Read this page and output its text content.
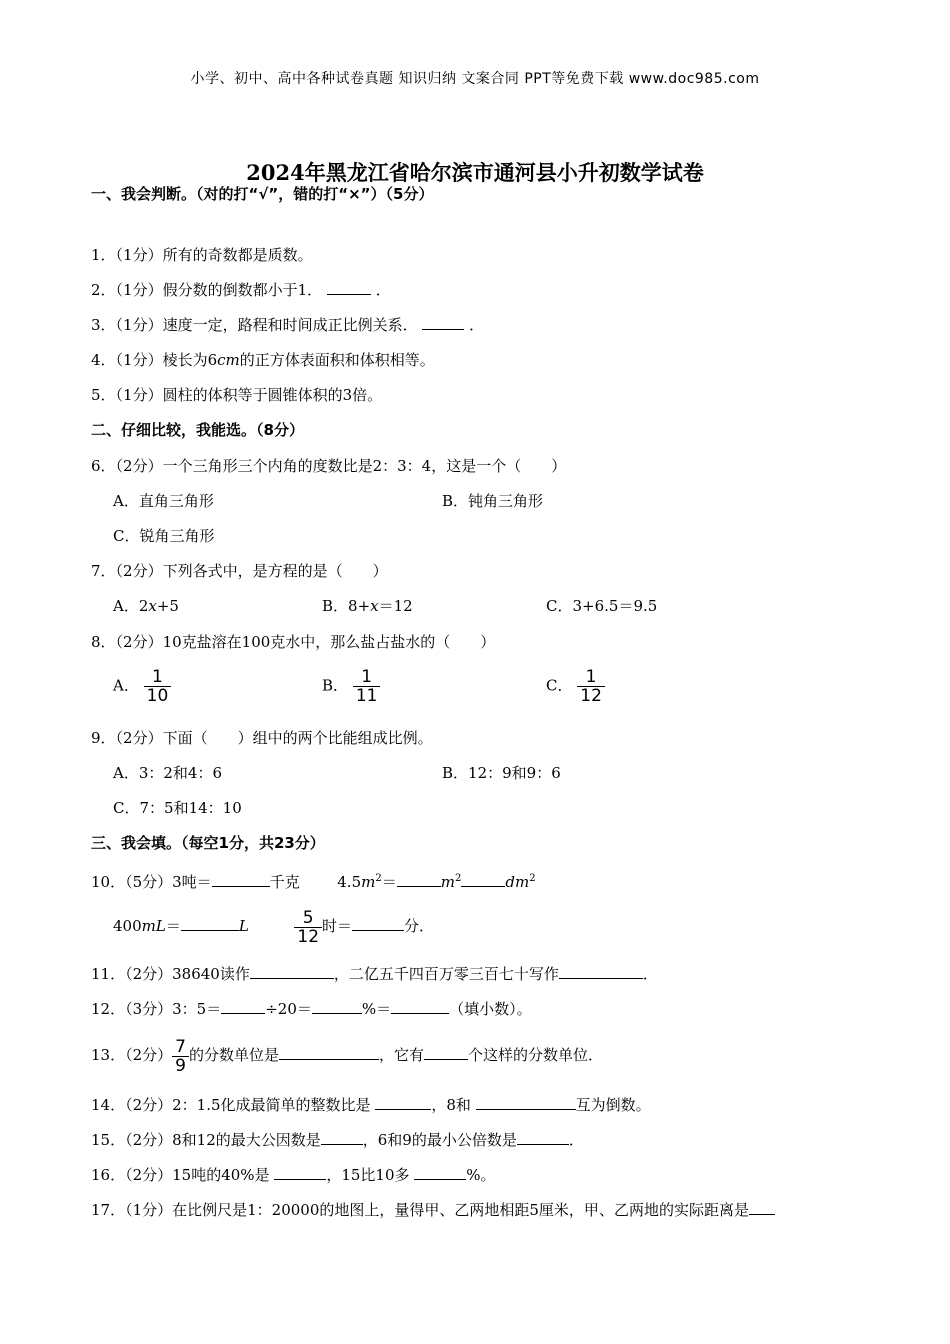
小学、初中、高中各种试卷真题 知识归纳 文案合同 PPT等免费下载 www.doc985.com
2024年黑龙江省哈尔滨市通河县小升初数学试卷
一、我会判断。（对的打“√”，错的打“×”）（5分）
1．（1分）所有的奇数都是质数。
2．（1分）假分数的倒数都小于1．	．
3．（1分）速度一定，路程和时间成正比例关系．	．
4．（1分）棱长为6cm的正方体表面积和体积相等。
5．（1分）圆柱的体积等于圆锥体积的3倍。
二、仔细比较，我能选。（8分）
6．（2分）一个三角形三个内角的度数比是2：3：4，这是一个（　　）
A．直角三角形	B．钝角三角形
C．锐角三角形
7．（2分）下列各式中，是方程的是（　　）
A．2x+5	B．8+x＝12	C．3+6.5＝9.5
8．（2分）10克盐溶在100克水中，那么盐占盐水的（　　）
A． $\frac{1}{10}$	B． $\frac{1}{11}$	C． $\frac{1}{12}$
9．（2分）下面（　　）组中的两个比能组成比例。
A．3：2和4：6	B．12：9和9：6
C．7：5和14：10
三、我会填。（每空1分，共23分）
10．（5分）3吨＝	千克	$4.5m^2=$	$m^2$	$dm^2$
400mL＝	L	$\frac{5}{12}$ 时＝	分．
11．（2分）38640读作	，二亿五千四百万零三百七十写作	．
12．（3分）3：5＝	÷20＝	%＝	（填小数）。
13．（2分） $\frac{7}{9}$ 的分数单位是	，它有	个这样的分数单位．
14．（2分）2：1.5化成最简单的整数比是	，8和	互为倒数。
15．（2分）8和12的最大公因数是	，6和9的最小公倍数是	．
16．（2分）15吨的40%是	，15比10多	%。
17．（1分）在比例尺是1：20000的地图上，量得甲、乙两地相距5厘米，甲、乙两地的实际距离是
